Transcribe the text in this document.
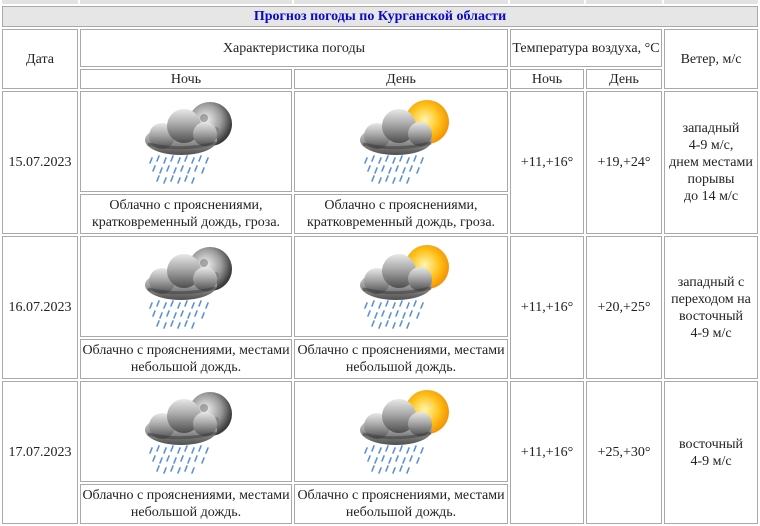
Прогноз погоды по Курганской области					
Дата	Характеристика погоды		Температура воздуха, °С		Ветер, м/с
	Ночь	День	Ночь	День	
15.07.2023			+11,+16°	+19,+24°	западный
4-9 м/с,
днем местами
порывы
до 14 м/с
	Облачно с прояснениями, кратковременный дождь, гроза.	Облачно с прояснениями, кратковременный дождь, гроза.			
16.07.2023			+11,+16°	+20,+25°	западный с
переходом на
восточный
4-9 м/с
	Облачно с прояснениями, местами небольшой дождь.	Облачно с прояснениями, местами небольшой дождь.			
17.07.2023			+11,+16°	+25,+30°	восточный
4-9 м/с
	Облачно с прояснениями, местами небольшой дождь.	Облачно с прояснениями, местами небольшой дождь.			
